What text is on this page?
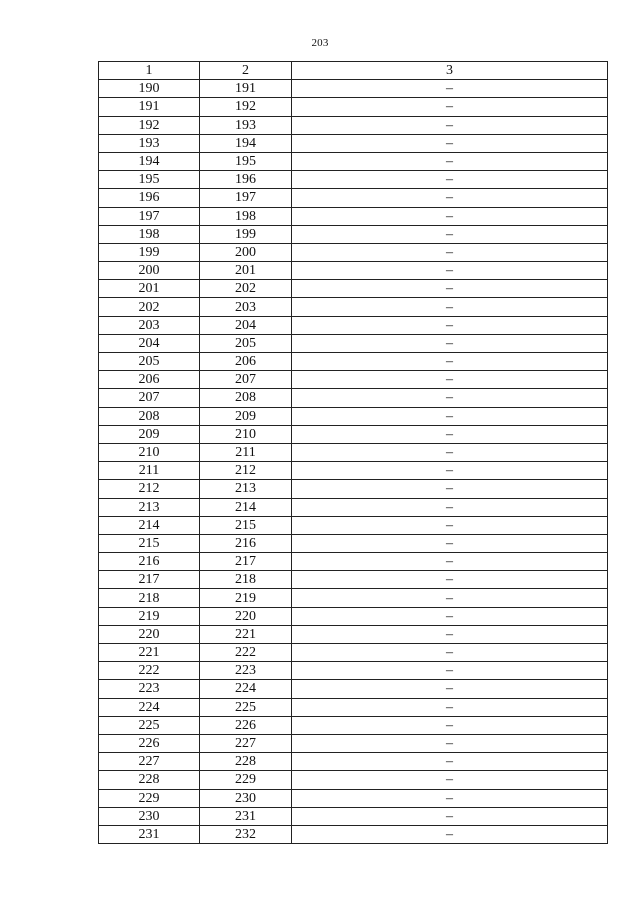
203
1	2	3
190	191	–
191	192	–
192	193	–
193	194	–
194	195	–
195	196	–
196	197	–
197	198	–
198	199	–
199	200	–
200	201	–
201	202	–
202	203	–
203	204	–
204	205	–
205	206	–
206	207	–
207	208	–
208	209	–
209	210	–
210	211	–
211	212	–
212	213	–
213	214	–
214	215	–
215	216	–
216	217	–
217	218	–
218	219	–
219	220	–
220	221	–
221	222	–
222	223	–
223	224	–
224	225	–
225	226	–
226	227	–
227	228	–
228	229	–
229	230	–
230	231	–
231	232	–
